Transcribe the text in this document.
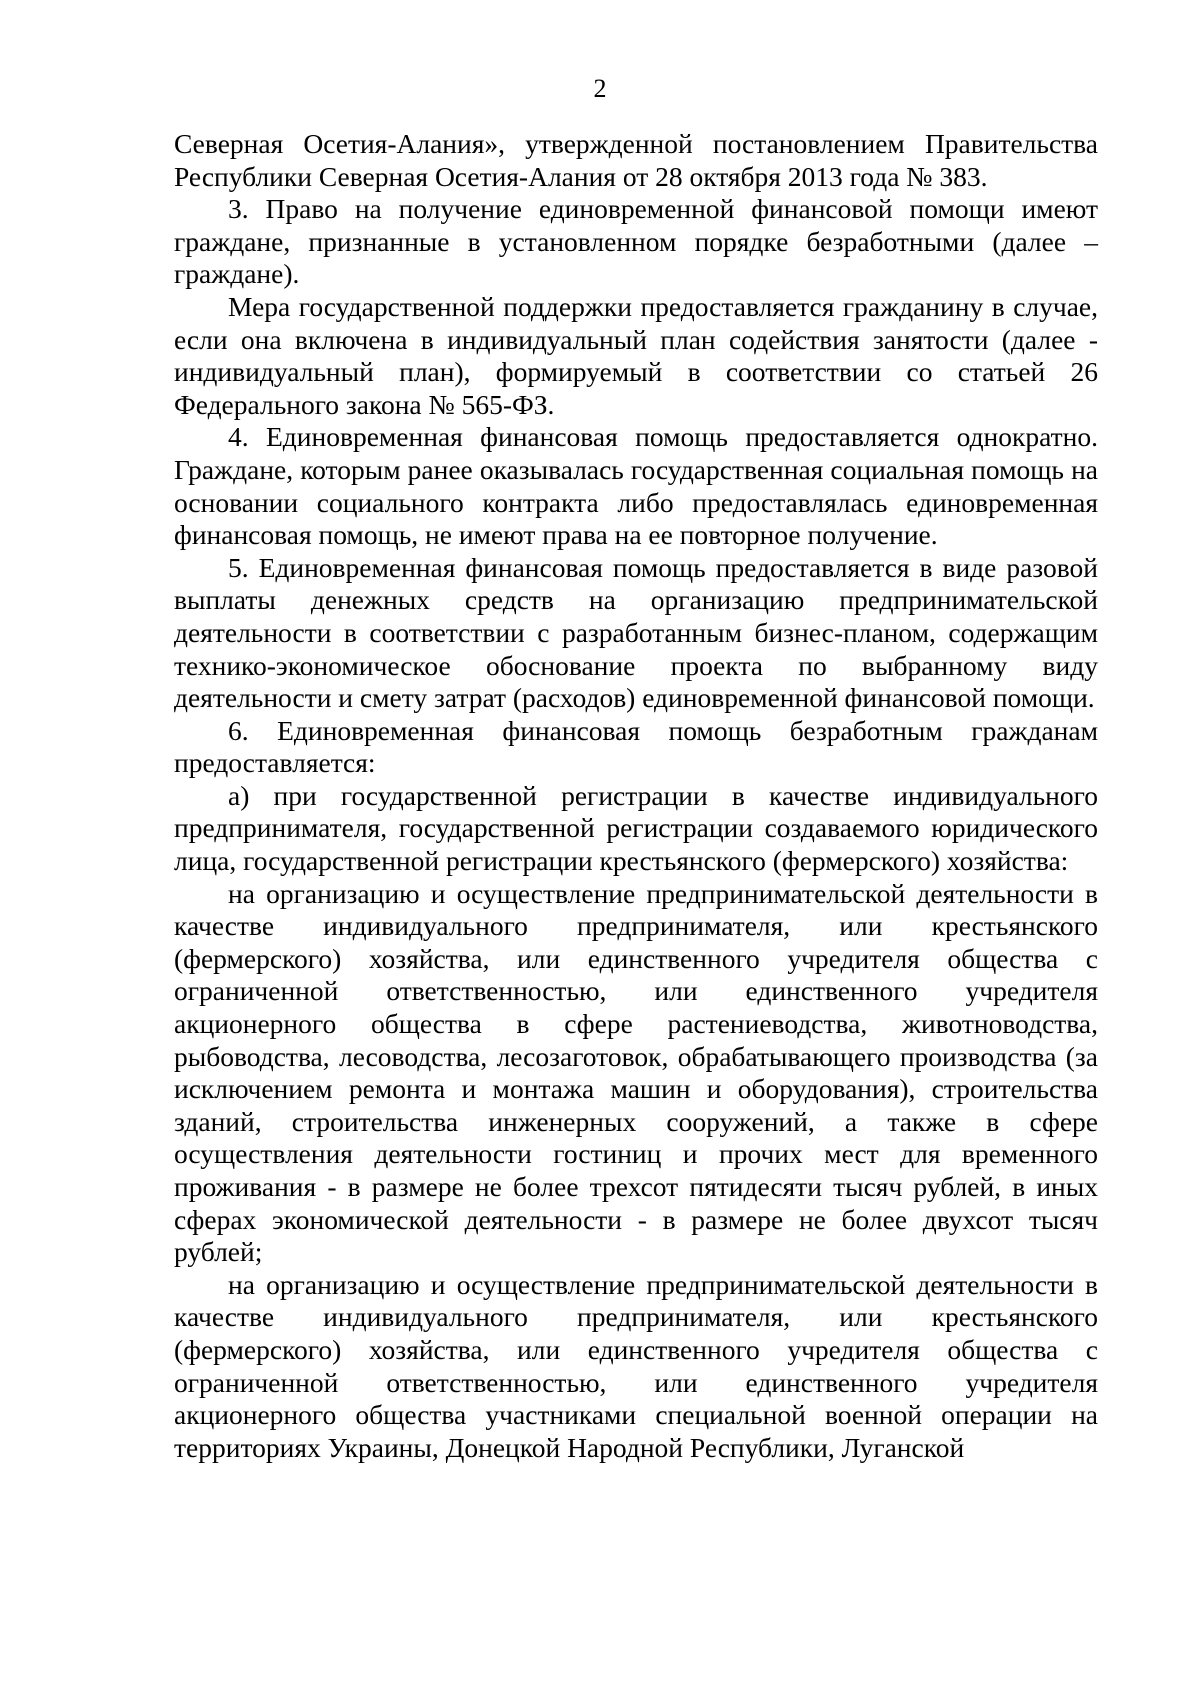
2

Северная Осетия-Алания», утвержденной постановлением Правительства Республики Северная Осетия-Алания от 28 октября 2013 года № 383.

3. Право на получение единовременной финансовой помощи имеют граждане, признанные в установленном порядке безработными (далее – граждане).

Мера государственной поддержки предоставляется гражданину в случае, если она включена в индивидуальный план содействия занятости (далее - индивидуальный план), формируемый в соответствии со статьей 26 Федерального закона № 565-ФЗ.

4. Единовременная финансовая помощь предоставляется однократно. Граждане, которым ранее оказывалась государственная социальная помощь на основании социального контракта либо предоставлялась единовременная финансовая помощь, не имеют права на ее повторное получение.

5. Единовременная финансовая помощь предоставляется в виде разовой выплаты денежных средств на организацию предпринимательской деятельности в соответствии с разработанным бизнес-планом, содержащим технико-экономическое обоснование проекта по выбранному виду деятельности и смету затрат (расходов) единовременной финансовой помощи.

6. Единовременная финансовая помощь безработным гражданам предоставляется:

а) при государственной регистрации в качестве индивидуального предпринимателя, государственной регистрации создаваемого юридического лица, государственной регистрации крестьянского (фермерского) хозяйства:

на организацию и осуществление предпринимательской деятельности в качестве индивидуального предпринимателя, или крестьянского (фермерского) хозяйства, или единственного учредителя общества с ограниченной ответственностью, или единственного учредителя акционерного общества в сфере растениеводства, животноводства, рыбоводства, лесоводства, лесозаготовок, обрабатывающего производства (за исключением ремонта и монтажа машин и оборудования), строительства зданий, строительства инженерных сооружений, а также в сфере осуществления деятельности гостиниц и прочих мест для временного проживания - в размере не более трехсот пятидесяти тысяч рублей, в иных сферах экономической деятельности - в размере не более двухсот тысяч рублей;

на организацию и осуществление предпринимательской деятельности в качестве индивидуального предпринимателя, или крестьянского (фермерского) хозяйства, или единственного учредителя общества с ограниченной ответственностью, или единственного учредителя акционерного общества участниками специальной военной операции на территориях Украины, Донецкой Народной Республики, Луганской
